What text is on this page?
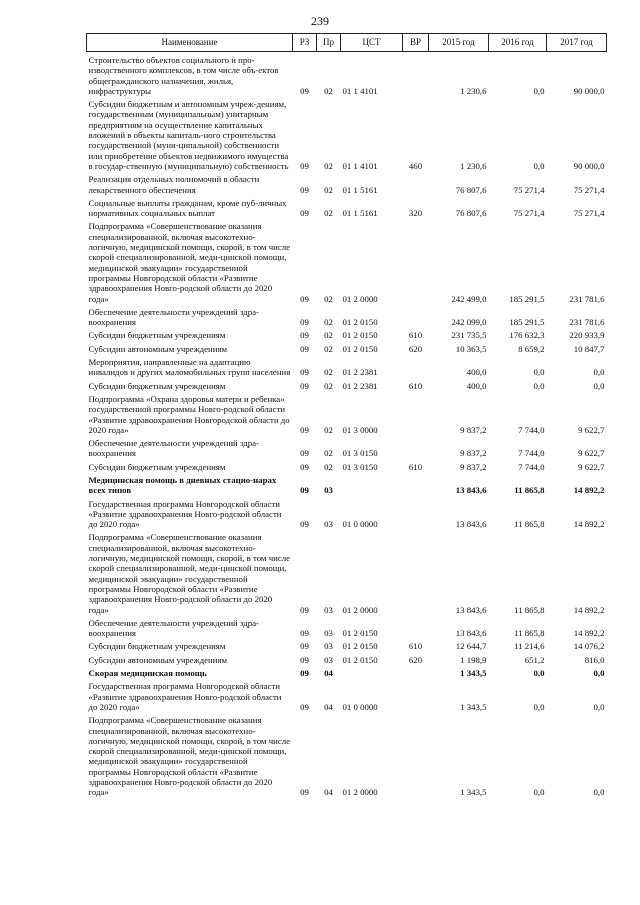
239
Наименование	РЗ	Пр	ЦСТ	ВР	2015 год	2016 год	2017 год
Строительство объектов социального и про-изводственного комплексов, в том числе объ-ектов общегражданского назначения, жилья, инфраструктуры	09	02	01 1 4101		1 230,6	0,0	90 000,0
Субсидии бюджетным и автономным учреж-дениям, государственным (муниципальным) унитарным предприятиям на осуществление капитальных вложений в объекты капиталь-ного строительства государственной (муни-ципальной) собственности или приобретение объектов недвижимого имущества в государ-ственную (муниципальную) собственность	09	02	01 1 4101	460	1 230,6	0,0	90 000,0
Реализация отдельных полномочий в области лекарственного обеспечения	09	02	01 1 5161		76 807,6	75 271,4	75 271,4
Социальные выплаты гражданам, кроме пуб-личных нормативных социальных выплат	09	02	01 1 5161	320	76 807,6	75 271,4	75 271,4
Подпрограмма «Совершенствование оказания специализированной, включая высокотехно-логичную, медицинской помощи, скорой, в том числе скорой специализированной, меди-цинской помощи, медицинской эвакуации» государственной программы Новгородской области «Развитие здравоохранения Новго-родской области до 2020 года»	09	02	01 2 0000		242 499,0	185 291,5	231 781,6
Обеспечение деятельности учреждений здра-воохранения	09	02	01 2 0150		242 099,0	185 291,5	231 781,6
Субсидии бюджетным учреждениям	09	02	01 2 0150	610	231 735,5	176 632,3	220 933,9
Субсидии автономным учреждениям	09	02	01 2 0150	620	10 363,5	8 659,2	10 847,7
Мероприятия, направленные на адаптацию инвалидов и других маломобильных групп населения	09	02	01 2 2381		400,0	0,0	0,0
Субсидии бюджетным учреждениям	09	02	01 2 2381	610	400,0	0,0	0,0
Подпрограмма «Охрана здоровья матери и ребенка» государственной программы Новго-родской области «Развитие здравоохранения Новгородской области до 2020 года»	09	02	01 3 0000		9 837,2	7 744,0	9 622,7
Обеспечение деятельности учреждений здра-воохранения	09	02	01 3 0150		9 837,2	7 744,0	9 622,7
Субсидии бюджетным учреждениям	09	02	01 3 0150	610	9 837,2	7 744,0	9 622,7
Медицинская помощь в дневных стацио-нарах всех типов	09	03			13 843,6	11 865,8	14 892,2
Государственная программа Новгородской области «Развитие здравоохранения Новго-родской области до 2020 года»	09	03	01 0 0000		13 843,6	11 865,8	14 892,2
Подпрограмма «Совершенствование оказания специализированной, включая высокотехно-логичную, медицинской помощи, скорой, в том числе скорой специализированной, меди-цинской помощи, медицинской эвакуации» государственной программы Новгородской области «Развитие здравоохранения Новго-родской области до 2020 года»	09	03	01 2 0000		13 843,6	11 865,8	14 892,2
Обеспечение деятельности учреждений здра-воохранения	09	03	01 2 0150		13 843,6	11 865,8	14 892,2
Субсидии бюджетным учреждениям	09	03	01 2 0150	610	12 644,7	11 214,6	14 076,2
Субсидии автономным учреждениям	09	03	01 2 0150	620	1 198,9	651,2	816,0
Скорая медицинская помощь	09	04			1 343,5	0,0	0,0
Государственная программа Новгородской области «Развитие здравоохранения Новго-родской области до 2020 года»	09	04	01 0 0000		1 343,5	0,0	0,0
Подпрограмма «Совершенствование оказания специализированной, включая высокотехно-логичную, медицинской помощи, скорой, в том числе скорой специализированной, меди-цинской помощи, медицинской эвакуации» государственной программы Новгородской области «Развитие здравоохранения Новго-родской области до 2020 года»	09	04	01 2 0000		1 343,5	0,0	0,0
